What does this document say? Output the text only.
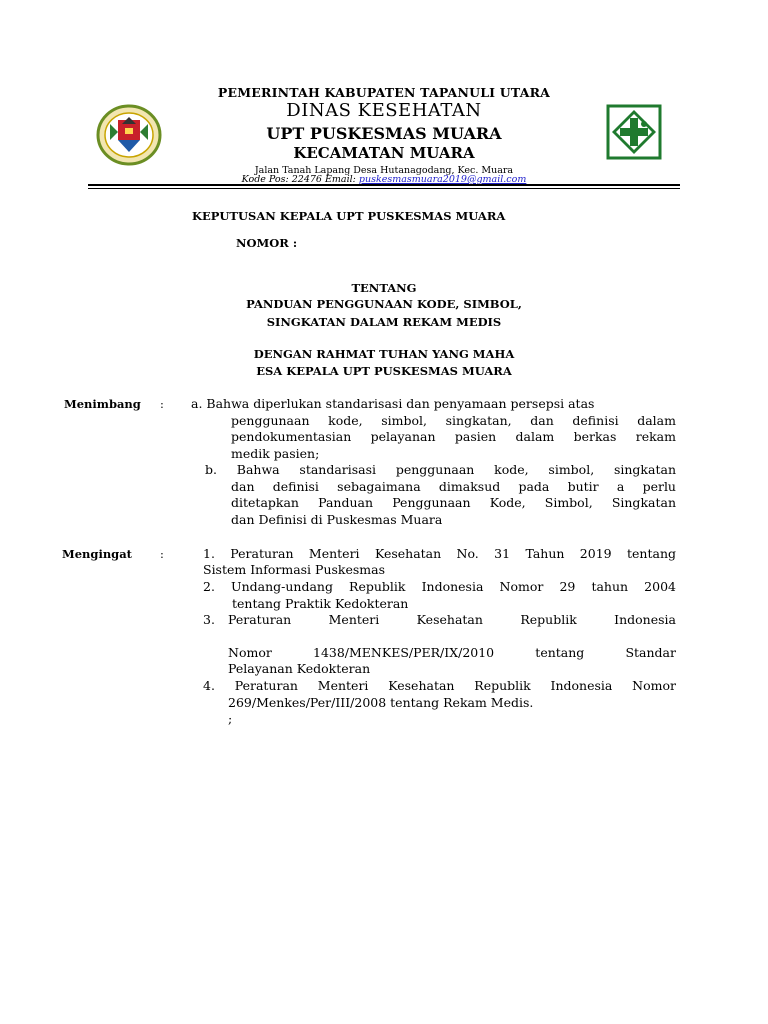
PEMERINTAH KABUPATEN TAPANULI UTARA
DINAS KESEHATAN
UPT PUSKESMAS MUARA
KECAMATAN MUARA
Jalan Tanah Lapang Desa Hutanagodang, Kec. Muara
Kode Pos: 22476 Email: puskesmasmuara2019@gmail.com
KEPUTUSAN KEPALA UPT PUSKESMAS MUARA
NOMOR :
TENTANG
PANDUAN PENGGUNAAN KODE, SIMBOL,
SINGKATAN DALAM REKAM MEDIS
DENGAN RAHMAT TUHAN YANG MAHA
ESA KEPALA UPT PUSKESMAS MUARA
Menimbang : a. Bahwa diperlukan standarisasi dan penyamaan persepsi atas
penggunaan kode, simbol, singkatan, dan definisi dalam
pendokumentasian pelayanan pasien dalam berkas rekam
medik pasien;
b. Bahwa standarisasi penggunaan kode, simbol, singkatan
dan definisi sebagaimana dimaksud pada butir a perlu
ditetapkan Panduan Penggunaan Kode, Simbol, Singkatan
dan Definisi di Puskesmas Muara
Mengingat :	1. Peraturan Menteri Kesehatan No. 31 Tahun 2019 tentang
Sistem Informasi Puskesmas
2. Undang-undang Republik Indonesia Nomor 29 tahun 2004
tentang Praktik Kedokteran
3. Peraturan Menteri Kesehatan Republik Indonesia
Nomor 1438/MENKES/PER/IX/2010 tentang Standar
Pelayanan Kedokteran
4. Peraturan Menteri Kesehatan Republik Indonesia Nomor
269/Menkes/Per/III/2008 tentang Rekam Medis.
;
